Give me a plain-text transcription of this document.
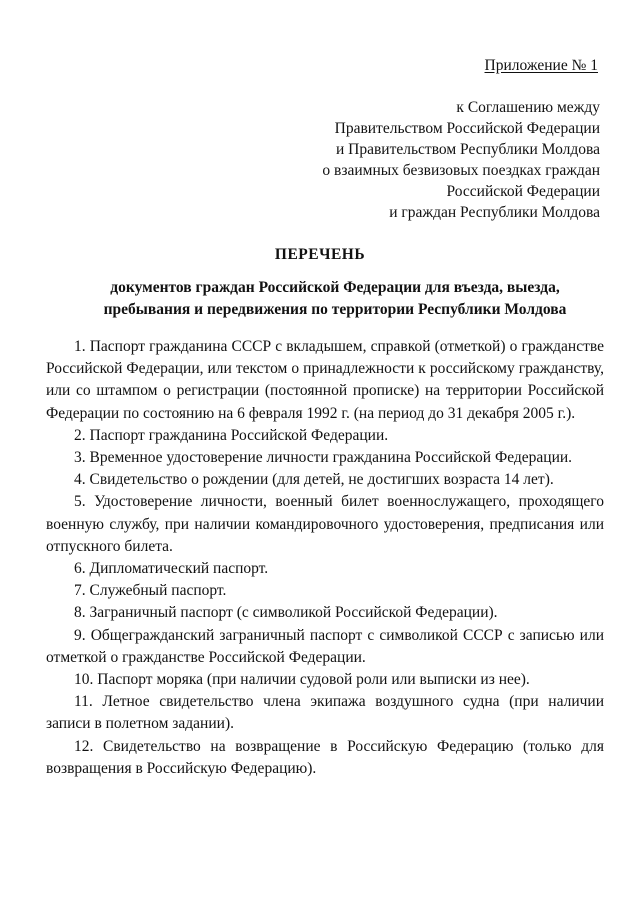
Приложение № 1
к Соглашению между
Правительством Российской Федерации
и Правительством Республики Молдова
о взаимных безвизовых поездках граждан
Российской Федерации
и граждан Республики Молдова
ПЕРЕЧЕНЬ
документов граждан Российской Федерации для въезда, выезда,
пребывания и передвижения по территории Республики Молдова

1. Паспорт гражданина СССР с вкладышем, справкой (отметкой) о гражданстве Российской Федерации, или текстом о принадлежности к российскому гражданству, или со штампом о регистрации (постоянной прописке) на территории Российской Федерации по состоянию на 6 февраля 1992 г. (на период до 31 декабря 2005 г.).

2. Паспорт гражданина Российской Федерации.

3. Временное удостоверение личности гражданина Российской Федерации.

4. Свидетельство о рождении (для детей, не достигших возраста 14 лет).

5. Удостоверение личности, военный билет военнослужащего, проходящего военную службу, при наличии командировочного удостоверения, предписания или отпускного билета.

6. Дипломатический паспорт.

7. Служебный паспорт.

8. Заграничный паспорт (с символикой Российской Федерации).

9. Общегражданский заграничный паспорт с символикой СССР с записью или отметкой о гражданстве Российской Федерации.

10. Паспорт моряка (при наличии судовой роли или выписки из нее).

11. Летное свидетельство члена экипажа воздушного судна (при наличии записи в полетном задании).

12. Свидетельство на возвращение в Российскую Федерацию (только для возвращения в Российскую Федерацию).
